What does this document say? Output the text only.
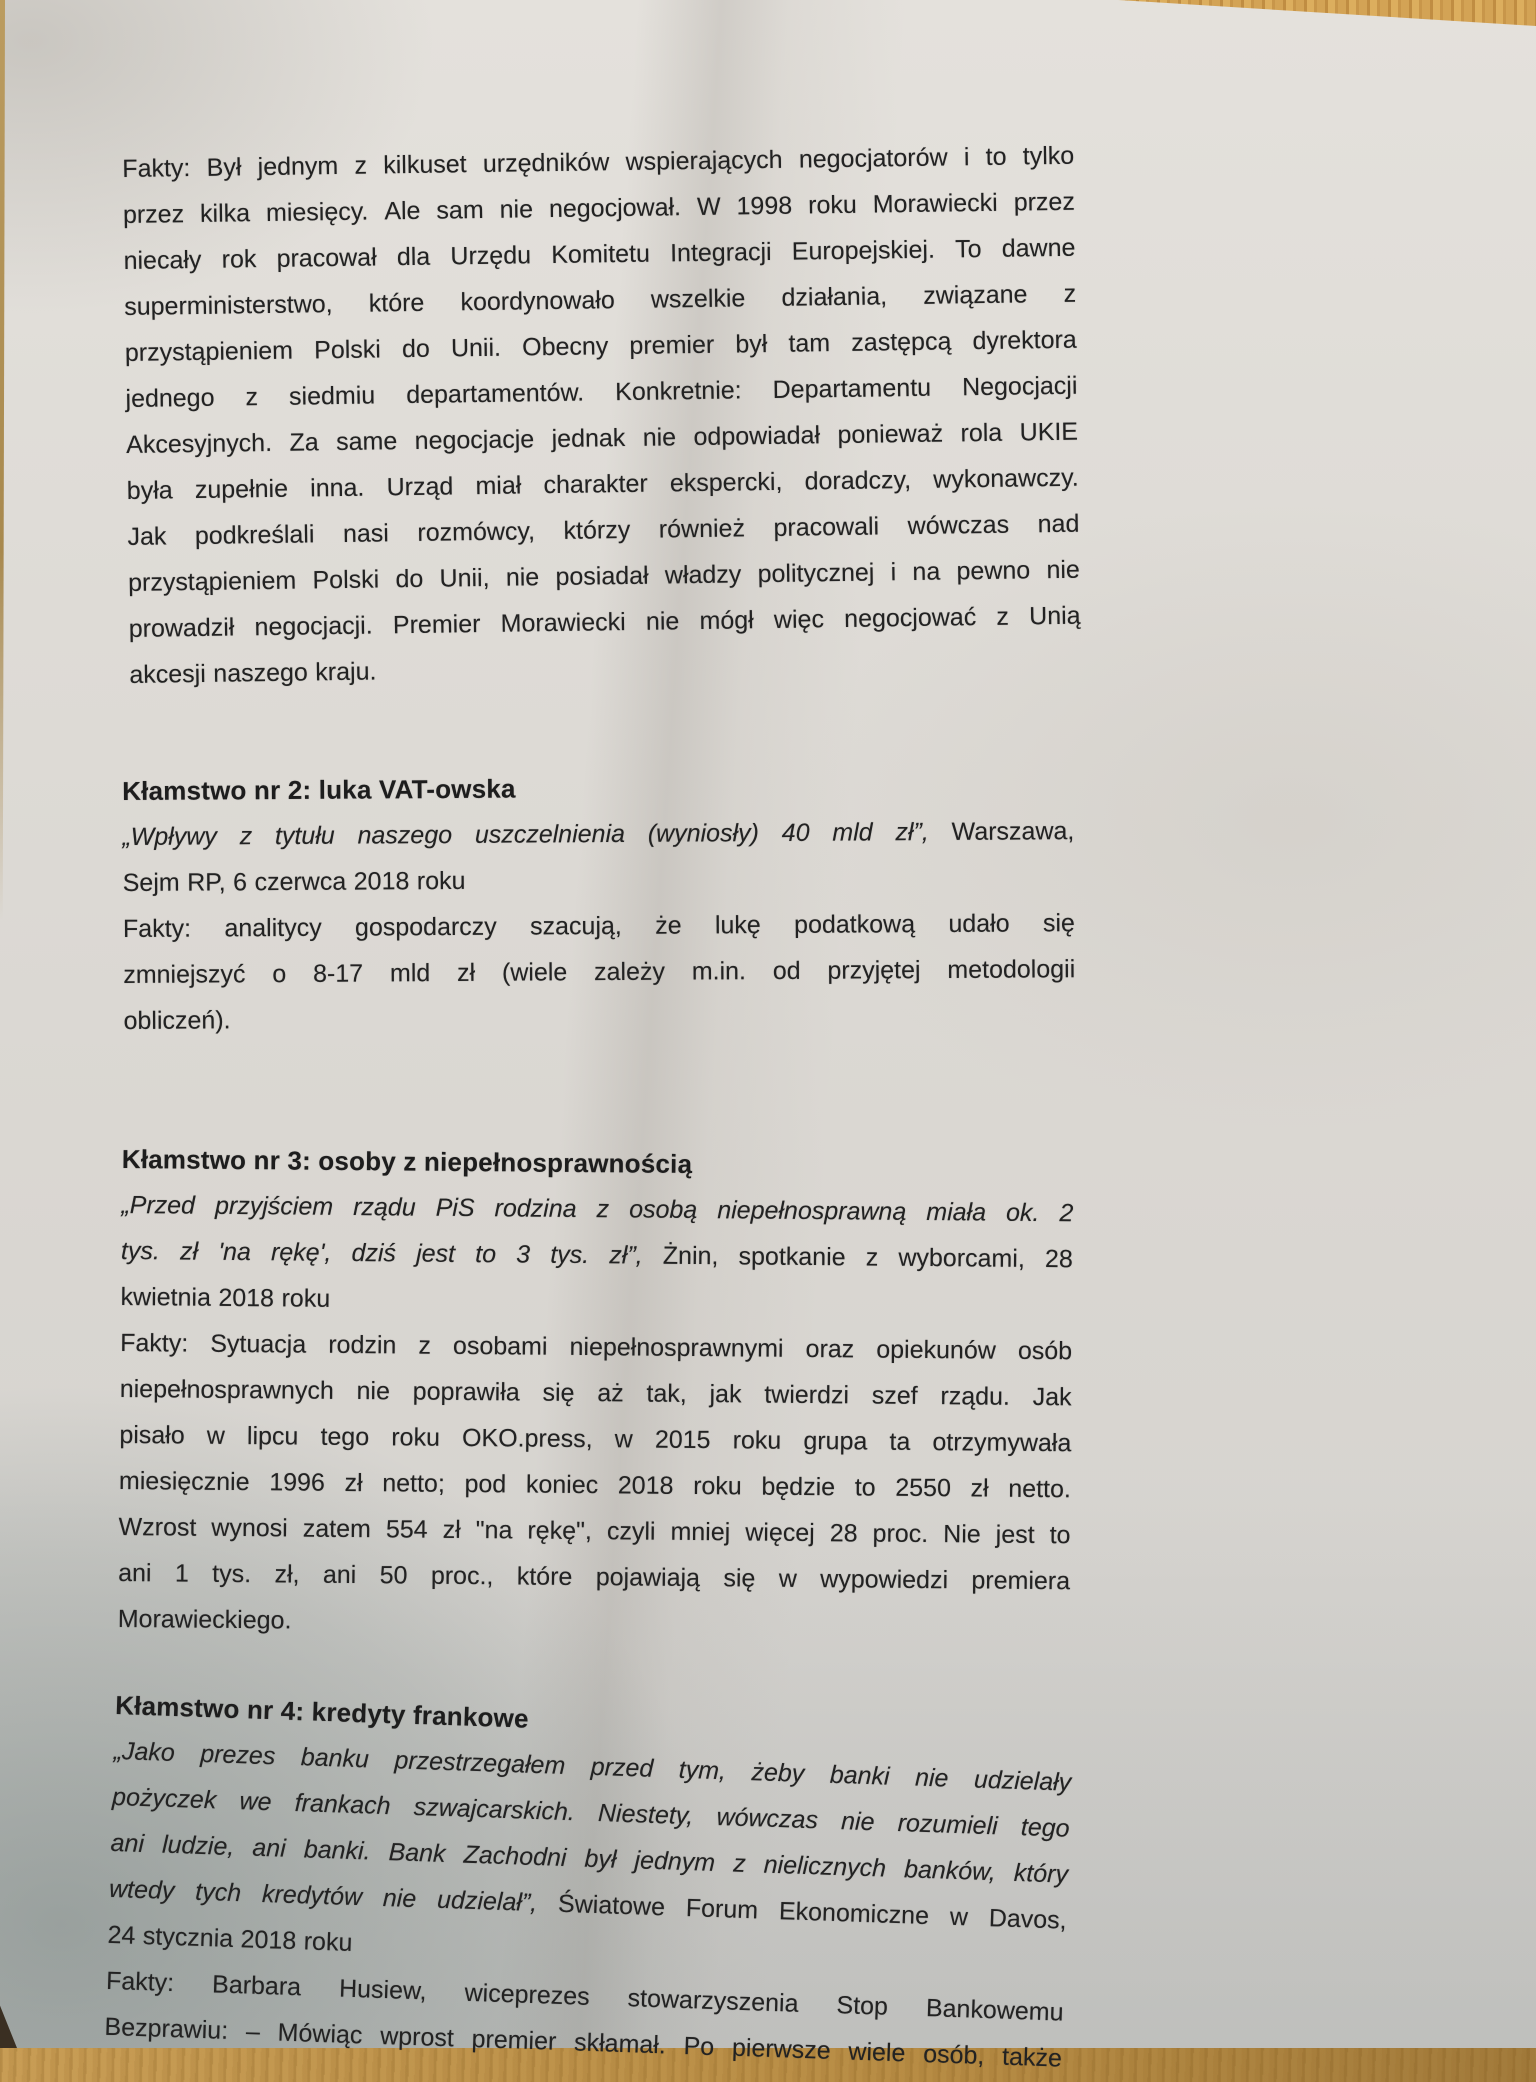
Fakty: Był jednym z kilkuset urzędników wspierających negocjatorów i to tylko
przez kilka miesięcy. Ale sam nie negocjował. W 1998 roku Morawiecki przez
niecały rok pracował dla Urzędu Komitetu Integracji Europejskiej. To dawne
superministerstwo, które koordynowało wszelkie działania, związane z
przystąpieniem Polski do Unii. Obecny premier był tam zastępcą dyrektora
jednego z siedmiu departamentów. Konkretnie: Departamentu Negocjacji
Akcesyjnych. Za same negocjacje jednak nie odpowiadał ponieważ rola UKIE
była zupełnie inna. Urząd miał charakter ekspercki, doradczy, wykonawczy.
Jak podkreślali nasi rozmówcy, którzy również pracowali wówczas nad
przystąpieniem Polski do Unii, nie posiadał władzy politycznej i na pewno nie
prowadził negocjacji. Premier Morawiecki nie mógł więc negocjować z Unią
akcesji naszego kraju.
Kłamstwo nr 2: luka VAT-owska
„Wpływy z tytułu naszego uszczelnienia (wyniosły) 40 mld zł”, Warszawa,
Sejm RP, 6 czerwca 2018 roku
Fakty: analitycy gospodarczy szacują, że lukę podatkową udało się
zmniejszyć o 8-17 mld zł (wiele zależy m.in. od przyjętej metodologii
obliczeń).
Kłamstwo nr 3: osoby z niepełnosprawnością
„Przed przyjściem rządu PiS rodzina z osobą niepełnosprawną miała ok. 2
tys. zł 'na rękę', dziś jest to 3 tys. zł”, Żnin, spotkanie z wyborcami, 28
kwietnia 2018 roku
Fakty: Sytuacja rodzin z osobami niepełnosprawnymi oraz opiekunów osób
niepełnosprawnych nie poprawiła się aż tak, jak twierdzi szef rządu. Jak
pisało w lipcu tego roku OKO.press, w 2015 roku grupa ta otrzymywała
miesięcznie 1996 zł netto; pod koniec 2018 roku będzie to 2550 zł netto.
Wzrost wynosi zatem 554 zł "na rękę", czyli mniej więcej 28 proc. Nie jest to
ani 1 tys. zł, ani 50 proc., które pojawiają się w wypowiedzi premiera
Morawieckiego.
Kłamstwo nr 4: kredyty frankowe
„Jako prezes banku przestrzegałem przed tym, żeby banki nie udzielały
pożyczek we frankach szwajcarskich. Niestety, wówczas nie rozumieli tego
ani ludzie, ani banki. Bank Zachodni był jednym z nielicznych banków, który
wtedy tych kredytów nie udzielał”, Światowe Forum Ekonomiczne w Davos,
24 stycznia 2018 roku
Fakty: Barbara Husiew, wiceprezes stowarzyszenia Stop Bankowemu
Bezprawiu: – Mówiąc wprost premier skłamał. Po pierwsze wiele osób, także
